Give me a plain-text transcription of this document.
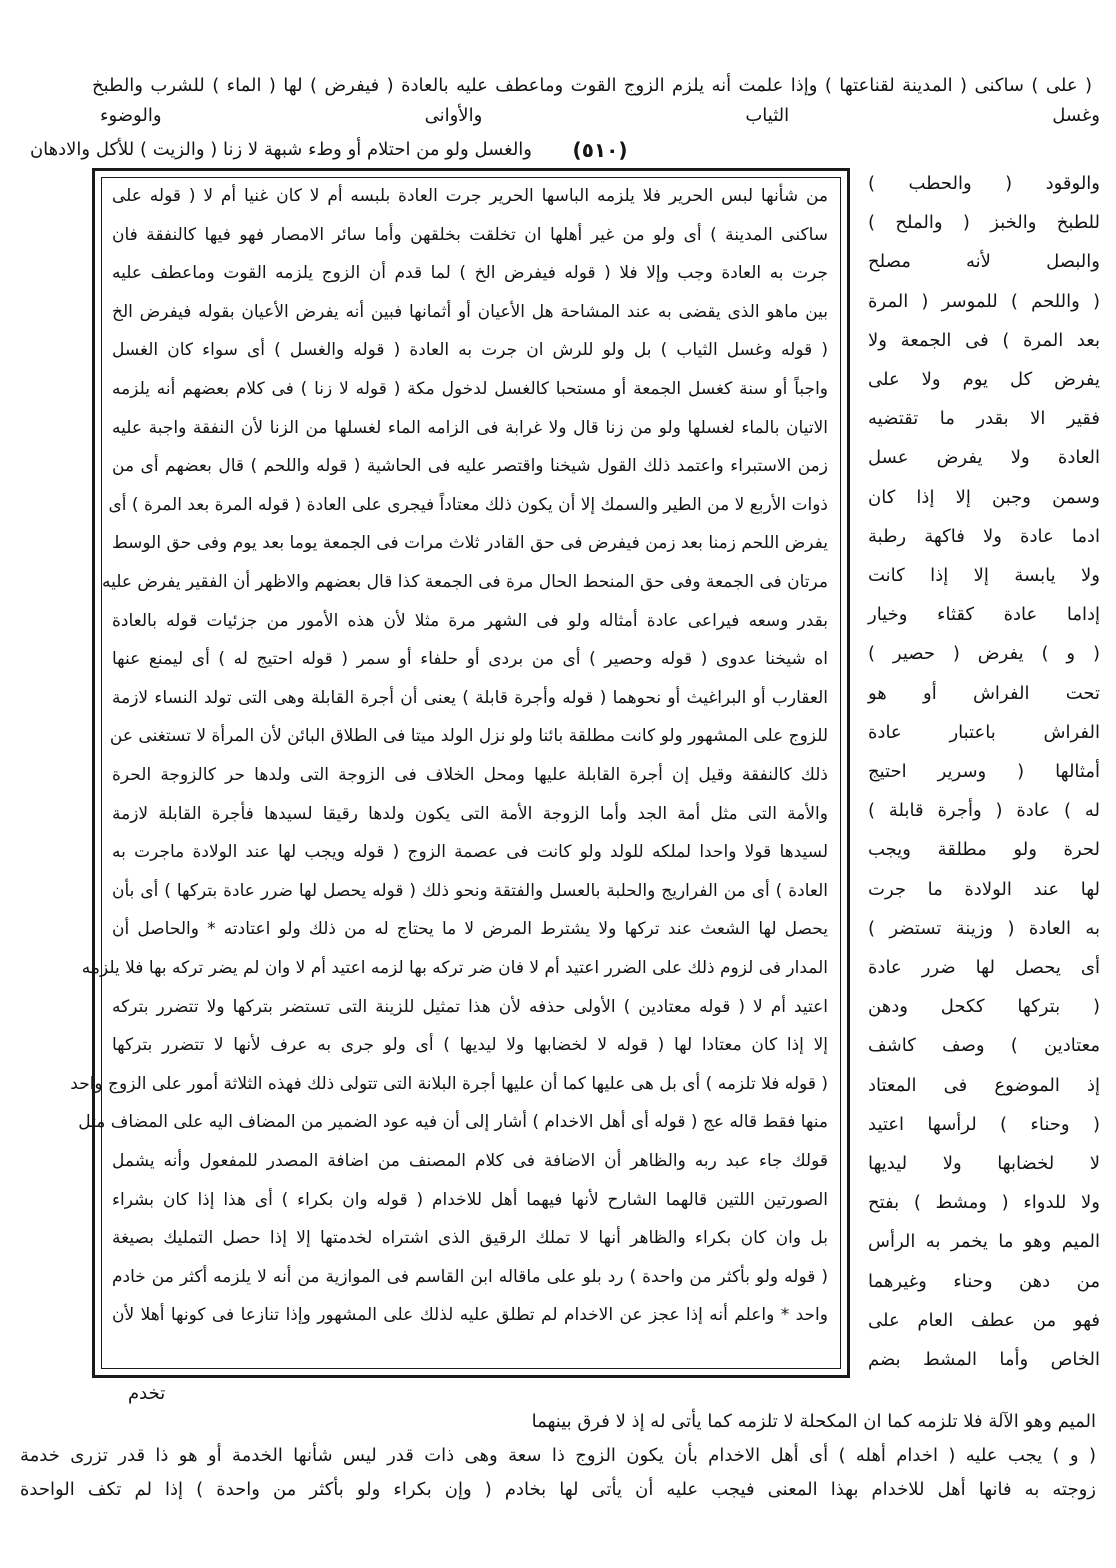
( على ) ساكنى ( المدينة لقناعتها ) وإذا علمت أنه يلزم الزوج القوت وماعطف عليه بالعادة ( فيفرض ) لها ( الماء ) للشرب والطبخ
وغسل الثياب والأوانى والوضوء
(٥١٠)
والغسل ولو من احتلام أو وطء شبهة لا زنا ( والزيت ) للأكل والادهان
من شأنها لبس الحرير فلا يلزمه الباسها الحرير جرت العادة بلبسه أم لا كان غنيا أم لا ( قوله على
ساكنى المدينة ) أى ولو من غير أهلها ان تخلقت بخلقهن وأما سائر الامصار فهو فيها كالنفقة فان
جرت به العادة وجب وإلا فلا ( قوله فيفرض الخ ) لما قدم أن الزوج يلزمه القوت وماعطف عليه
بين ماهو الذى يقضى به عند المشاحة هل الأعيان أو أثمانها فبين أنه يفرض الأعيان بقوله فيفرض الخ
( قوله وغسل الثياب ) بل ولو للرش ان جرت به العادة ( قوله والغسل ) أى سواء كان الغسل
واجباً أو سنة كغسل الجمعة أو مستحبا كالغسل لدخول مكة ( قوله لا زنا ) فى كلام بعضهم أنه يلزمه
الاتيان بالماء لغسلها ولو من زنا قال ولا غرابة فى الزامه الماء لغسلها من الزنا لأن النفقة واجبة عليه
زمن الاستبراء واعتمد ذلك القول شيخنا واقتصر عليه فى الحاشية ( قوله واللحم ) قال بعضهم أى من
ذوات الأربع لا من الطير والسمك إلا أن يكون ذلك معتاداً فيجرى على العادة ( قوله المرة بعد المرة ) أى
يفرض اللحم زمنا بعد زمن فيفرض فى حق القادر ثلاث مرات فى الجمعة يوما بعد يوم وفى حق الوسط
مرتان فى الجمعة وفى حق المنحط الحال مرة فى الجمعة كذا قال بعضهم والاظهر أن الفقير يفرض عليه
بقدر وسعه فيراعى عادة أمثاله ولو فى الشهر مرة مثلا لأن هذه الأمور من جزئيات قوله بالعادة
اه شيخنا عدوى ( قوله وحصير ) أى من بردى أو حلفاء أو سمر ( قوله احتيج له ) أى ليمنع عنها
العقارب أو البراغيث أو نحوهما ( قوله وأجرة قابلة ) يعنى أن أجرة القابلة وهى التى تولد النساء لازمة
للزوج على المشهور ولو كانت مطلقة بائنا ولو نزل الولد ميتا فى الطلاق البائن لأن المرأة لا تستغنى عن
ذلك كالنفقة وقيل إن أجرة القابلة عليها ومحل الخلاف فى الزوجة التى ولدها حر كالزوجة الحرة
والأمة التى مثل أمة الجد وأما الزوجة الأمة التى يكون ولدها رقيقا لسيدها فأجرة القابلة لازمة
لسيدها قولا واحدا لملكه للولد ولو كانت فى عصمة الزوج ( قوله ويجب لها عند الولادة ماجرت به
العادة ) أى من الفراريج والحلبة بالعسل والفتقة ونحو ذلك ( قوله يحصل لها ضرر عادة بتركها ) أى بأن
يحصل لها الشعث عند تركها ولا يشترط المرض لا ما يحتاج له من ذلك ولو اعتادته * والحاصل أن
المدار فى لزوم ذلك على الضرر اعتيد أم لا فان ضر تركه بها لزمه اعتيد أم لا وان لم يضر تركه بها فلا يلزمه
اعتيد أم لا ( قوله معتادين ) الأولى حذفه لأن هذا تمثيل للزينة التى تستضر بتركها ولا تتضرر بتركه
إلا إذا كان معتادا لها ( قوله لا لخضابها ولا ليديها ) أى ولو جرى به عرف لأنها لا تتضرر بتركها
( قوله فلا تلزمه ) أى بل هى عليها كما أن عليها أجرة البلانة التى تتولى ذلك فهذه الثلاثة أمور على الزوج واحد
منها فقط قاله عج ( قوله أى أهل الاخدام ) أشار إلى أن فيه عود الضمير من المضاف اليه على المضاف مثل
قولك جاء عبد ربه والظاهر أن الاضافة فى كلام المصنف من اضافة المصدر للمفعول وأنه يشمل
الصورتين اللتين قالهما الشارح لأنها فيهما أهل للاخدام ( قوله وان بكراء ) أى هذا إذا كان بشراء
بل وان كان بكراء والظاهر أنها لا تملك الرقيق الذى اشتراه لخدمتها إلا إذا حصل التمليك بصيغة
( قوله ولو بأكثر من واحدة ) رد بلو على ماقاله ابن القاسم فى الموازية من أنه لا يلزمه أكثر من خادم
واحد * واعلم أنه إذا عجز عن الاخدام لم تطلق عليه لذلك على المشهور وإذا تنازعا فى كونها أهلا لأن
والوقود ( والحطب )
للطبخ والخبز ( والملح )
والبصل لأنه مصلح
( واللحم ) للموسر ( المرة
بعد المرة ) فى الجمعة ولا
يفرض كل يوم ولا على
فقير الا بقدر ما تقتضيه
العادة ولا يفرض عسل
وسمن وجبن إلا إذا كان
ادما عادة ولا فاكهة رطبة
ولا يابسة إلا إذا كانت
إداما عادة كقثاء وخيار
( و ) يفرض ( حصير )
تحت الفراش أو هو
الفراش باعتبار عادة
أمثالها ( وسرير احتيج
له ) عادة ( وأجرة قابلة )
لحرة ولو مطلقة ويجب
لها عند الولادة ما جرت
به العادة ( وزينة تستضر )
أى يحصل لها ضرر عادة
( بتركها ككحل ودهن
معتادين ) وصف كاشف
إذ الموضوع فى المعتاد
( وحناء ) لرأسها اعتيد
لا لخضابها ولا ليديها
ولا للدواء ( ومشط ) بفتح
الميم وهو ما يخمر به الرأس
من دهن وحناء وغيرهما
فهو من عطف العام على
الخاص وأما المشط بضم
تخدم
الميم وهو الآلة فلا تلزمه كما ان المكحلة لا تلزمه كما يأتى له إذ لا فرق بينهما
( و ) يجب عليه ( اخدام أهله ) أى أهل الاخدام بأن يكون الزوج ذا سعة وهى ذات قدر ليس شأنها الخدمة أو هو ذا قدر تزرى خدمة
زوجته به فانها أهل للاخدام بهذا المعنى فيجب عليه أن يأتى لها بخادم ( وإن بكراء ولو بأكثر من واحدة ) إذا لم تكف الواحدة
